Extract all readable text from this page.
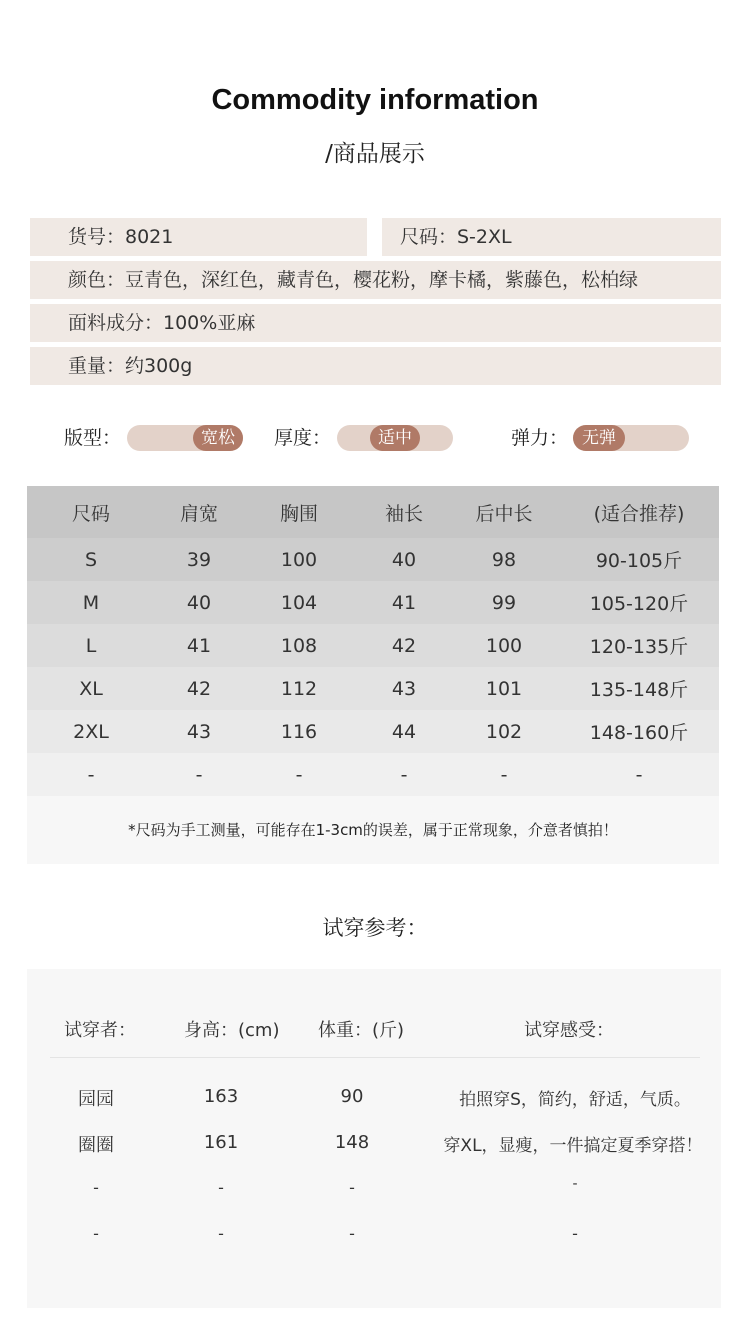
Commodity information
/商品展示
货号：8021	尺码：S-2XL
颜色：豆青色，深红色，藏青色，樱花粉，摩卡橘，紫藤色，松柏绿
面料成分：100%亚麻
重量：约300g
版型：	宽松	厚度：	适中	弹力： 无弹
尺码	肩宽	胸围	袖长	后中长	(适合推荐)
S	39	100	40	98	90-105斤
M	40	104	41	99	105-120斤
L	41	108	42	100	120-135斤
XL	42	112	43	101	135-148斤
2XL	43	116	44	102	148-160斤
-	-	-	-	-	-
*尺码为手工测量，可能存在1-3cm的误差，属于正常现象，介意者慎拍！
试穿参考：
试穿者：	身高：(cm) 体重：(斤)	试穿感受：
园园	163	90	拍照穿S，简约，舒适，气质。
圈圈	161	148	穿XL，显瘦，一件搞定夏季穿搭！
-	-	-	-
-	-	-	-
